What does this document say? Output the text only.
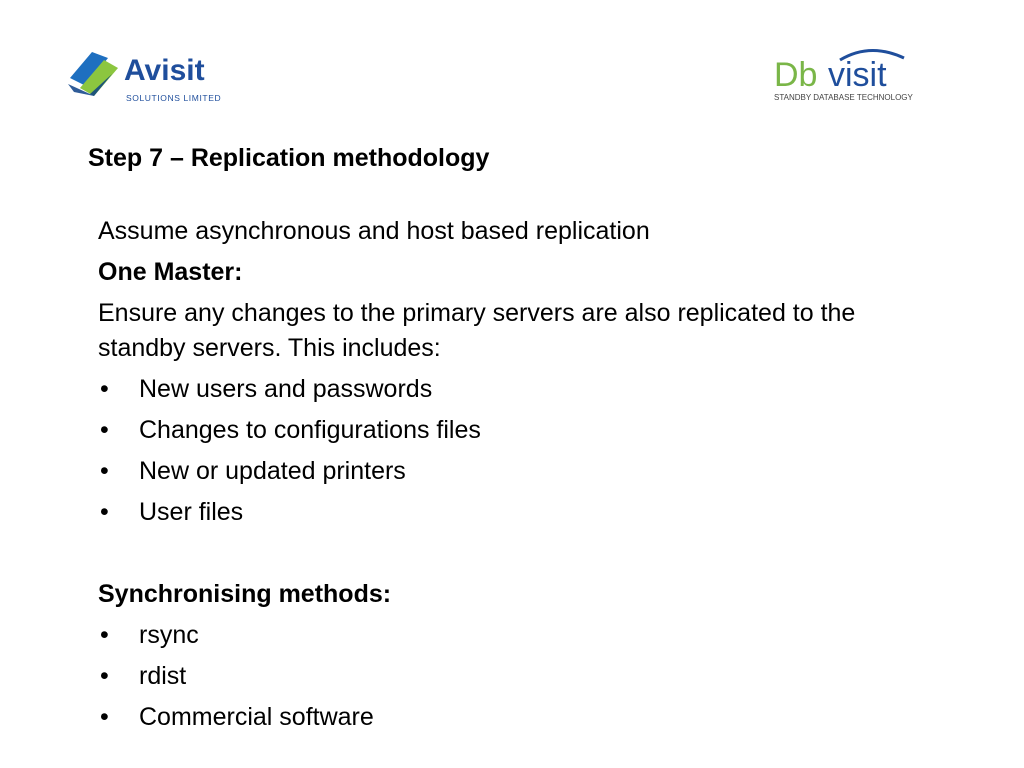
Avisit
SOLUTIONS LIMITED
Db visit
STANDBY DATABASE TECHNOLOGY
Step 7 – Replication methodology
Assume asynchronous and host based replication
One Master:
Ensure any changes to the primary servers are also replicated to the standby servers. This includes:
• New users and passwords
• Changes to configurations files
• New or updated printers
• User files
Synchronising methods:
• rsync
• rdist
• Commercial software
